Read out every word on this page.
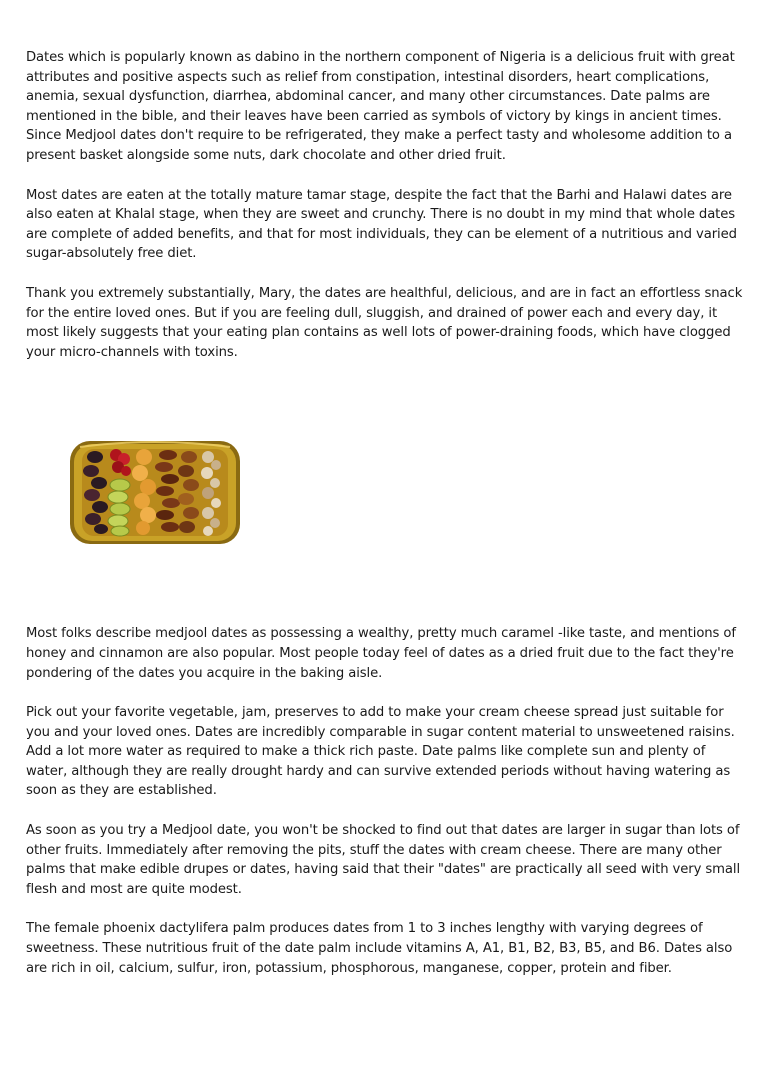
Dates which is popularly known as dabino in the northern component of Nigeria is a delicious fruit with great attributes and positive aspects such as relief from constipation, intestinal disorders, heart complications, anemia, sexual dysfunction, diarrhea, abdominal cancer, and many other circumstances. Date palms are mentioned in the bible, and their leaves have been carried as symbols of victory by kings in ancient times. Since Medjool dates don't require to be refrigerated, they make a perfect tasty and wholesome addition to a present basket alongside some nuts, dark chocolate and other dried fruit.

Most dates are eaten at the totally mature tamar stage, despite the fact that the Barhi and Halawi dates are also eaten at Khalal stage, when they are sweet and crunchy. There is no doubt in my mind that whole dates are complete of added benefits, and that for most individuals, they can be element of a nutritious and varied sugar-absolutely free diet.

Thank you extremely substantially, Mary, the dates are healthful, delicious, and are in fact an effortless snack for the entire loved ones. But if you are feeling dull, sluggish, and drained of power each and every day, it most likely suggests that your eating plan contains as well lots of power-draining foods, which have clogged your micro-channels with toxins.

Most folks describe medjool dates as possessing a wealthy, pretty much caramel -like taste, and mentions of honey and cinnamon are also popular. Most people today feel of dates as a dried fruit due to the fact they're pondering of the dates you acquire in the baking aisle.

Pick out your favorite vegetable, jam, preserves to add to make your cream cheese spread just suitable for you and your loved ones. Dates are incredibly comparable in sugar content material to unsweetened raisins. Add a lot more water as required to make a thick rich paste. Date palms like complete sun and plenty of water, although they are really drought hardy and can survive extended periods without having watering as soon as they are established.

As soon as you try a Medjool date, you won't be shocked to find out that dates are larger in sugar than lots of other fruits. Immediately after removing the pits, stuff the dates with cream cheese. There are many other palms that make edible drupes or dates, having said that their "dates" are practically all seed with very small flesh and most are quite modest.

The female phoenix dactylifera palm produces dates from 1 to 3 inches lengthy with varying degrees of sweetness. These nutritious fruit of the date palm include vitamins A, A1, B1, B2, B3, B5, and B6. Dates also are rich in oil, calcium, sulfur, iron, potassium, phosphorous, manganese, copper, protein and fiber.
